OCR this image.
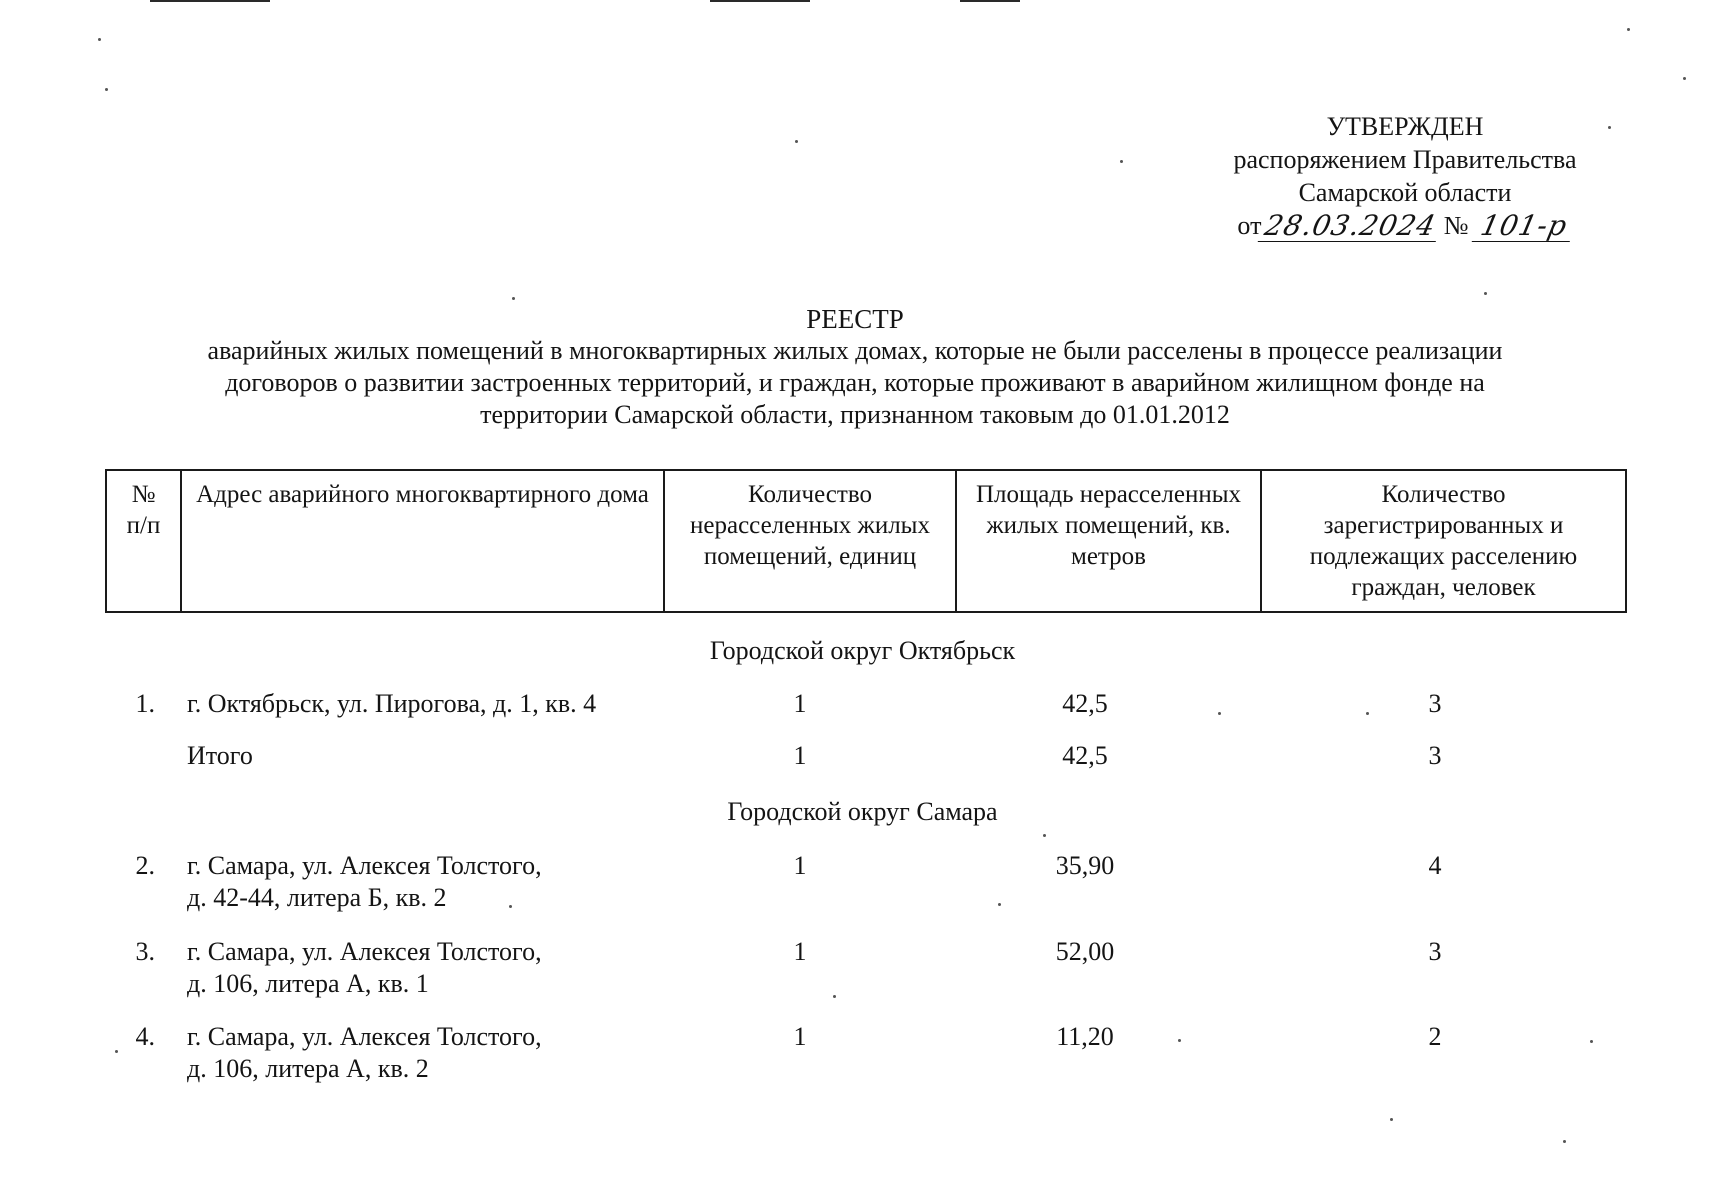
УТВЕРЖДЕН
распоряжением Правительства
Самарской области
от 28.03.2024 № 101-р
РЕЕСТР
аварийных жилых помещений в многоквартирных жилых домах, которые не были расселены в процессе реализации
договоров о развитии застроенных территорий, и граждан, которые проживают в аварийном жилищном фонде на
территории Самарской области, признанном таковым до 01.01.2012
№ п/п	Адрес аварийного многоквартирного дома	Количество нерасселенных жилых помещений, единиц	Площадь нерасселенных жилых помещений, кв. метров	Количество зарегистрированных и подлежащих расселению граждан, человек
Городской округ Октябрьск
1. г. Октябрьск, ул. Пирогова, д. 1, кв. 4	1	42,5	3
Итого	1	42,5	3
Городской округ Самара
2. г. Самара, ул. Алексея Толстого,
д. 42-44, литера Б, кв. 2
1	35,90	4
3. г. Самара, ул. Алексея Толстого,
д. 106, литера А, кв. 1
1	52,00	3
4. г. Самара, ул. Алексея Толстого,
д. 106, литера А, кв. 2
1	11,20	2
